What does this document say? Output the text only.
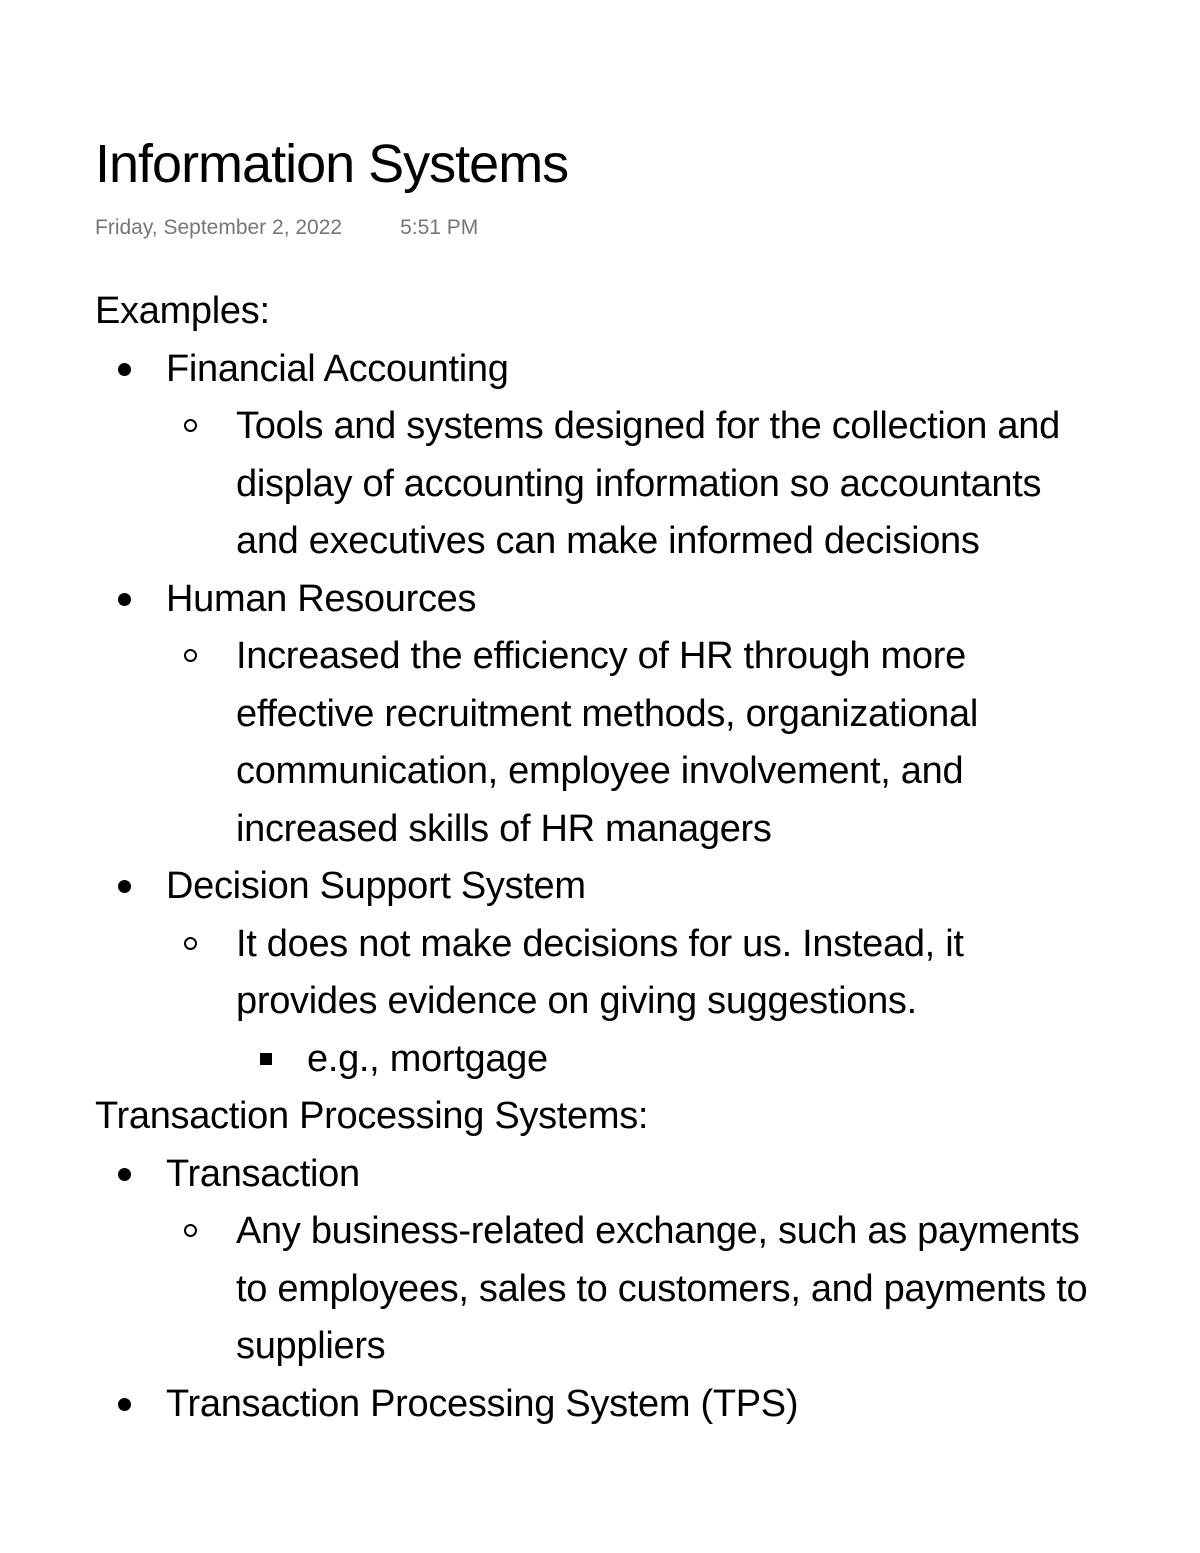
Information Systems
Friday, September 2, 2022	5:51 PM
Examples:
Financial Accounting
Tools and systems designed for the collection and
display of accounting information so accountants
and executives can make informed decisions
Human Resources
Increased the efficiency of HR through more
effective recruitment methods, organizational
communication, employee involvement, and
increased skills of HR managers
Decision Support System
It does not make decisions for us. Instead, it
provides evidence on giving suggestions.
e.g., mortgage
Transaction Processing Systems:
Transaction
Any business-related exchange, such as payments
to employees, sales to customers, and payments to
suppliers
Transaction Processing System (TPS)
